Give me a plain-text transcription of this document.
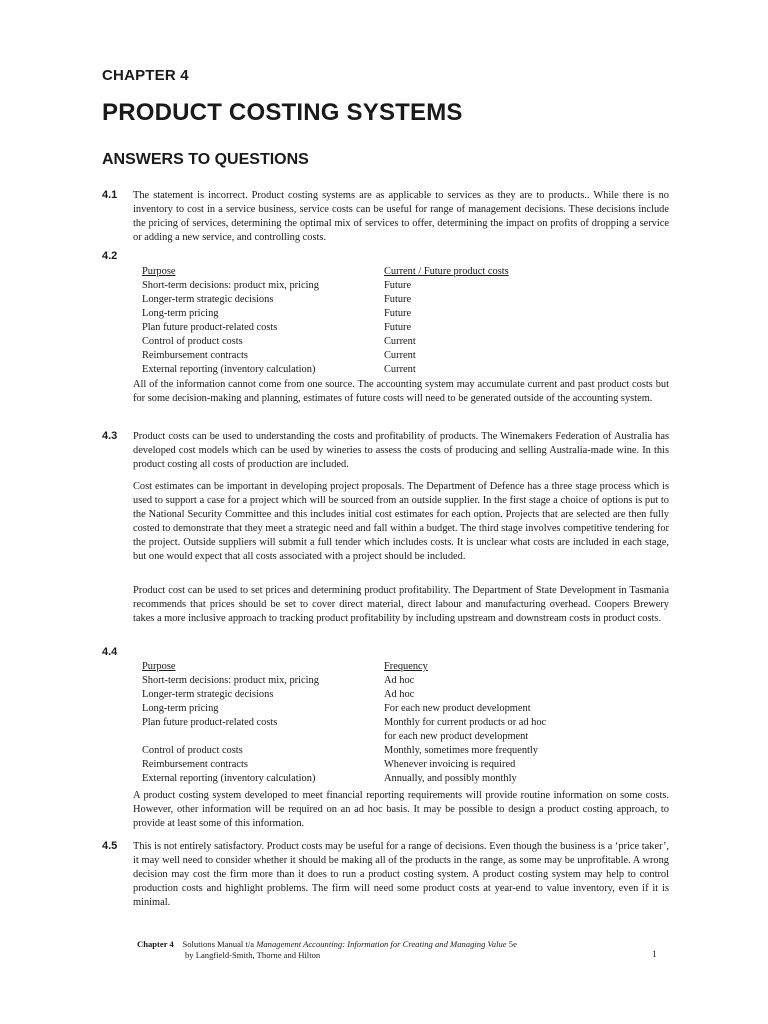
CHAPTER 4
PRODUCT COSTING SYSTEMS
ANSWERS TO QUESTIONS
4.1 The statement is incorrect. Product costing systems are as applicable to services as they are to products.. While there is no inventory to cost in a service business, service costs can be useful for range of management decisions. These decisions include the pricing of services, determining the optimal mix of services to offer, determining the impact on profits of dropping a service or adding a new service, and controlling costs.

4.2
Purpose	Current / Future product costs
Short-term decisions: product mix, pricing	Future
Longer-term strategic decisions	Future
Long-term pricing	Future
Plan future product-related costs	Future
Control of product costs	Current
Reimbursement contracts	Current
External reporting (inventory calculation)	Current

All of the information cannot come from one source. The accounting system may accumulate current and past product costs but for some decision-making and planning, estimates of future costs will need to be generated outside of the accounting system.

4.3 Product costs can be used to understanding the costs and profitability of products. The Winemakers Federation of Australia has developed cost models which can be used by wineries to assess the costs of producing and selling Australia-made wine. In this product costing all costs of production are included.

Cost estimates can be important in developing project proposals. The Department of Defence has a three stage process which is used to support a case for a project which will be sourced from an outside supplier. In the first stage a choice of options is put to the National Security Committee and this includes initial cost estimates for each option. Projects that are selected are then fully costed to demonstrate that they meet a strategic need and fall within a budget. The third stage involves competitive tendering for the project. Outside suppliers will submit a full tender which includes costs. It is unclear what costs are included in each stage, but one would expect that all costs associated with a project should be included.

Product cost can be used to set prices and determining product profitability. The Department of State Development in Tasmania recommends that prices should be set to cover direct material, direct labour and manufacturing overhead. Coopers Brewery takes a more inclusive approach to tracking product profitability by including upstream and downstream costs in product costs.

4.4
Purpose	Frequency
Short-term decisions: product mix, pricing	Ad hoc
Longer-term strategic decisions	Ad hoc
Long-term pricing	For each new product development
Plan future product-related costs	Monthly for current products or ad hoc
for each new product development
Control of product costs	Monthly, sometimes more frequently
Reimbursement contracts	Whenever invoicing is required
External reporting (inventory calculation)	Annually, and possibly monthly

A product costing system developed to meet financial reporting requirements will provide routine information on some costs. However, other information will be required on an ad hoc basis. It may be possible to design a product costing approach, to provide at least some of this information.

4.5 This is not entirely satisfactory. Product costs may be useful for a range of decisions. Even though the business is a ‘price taker’, it may well need to consider whether it should be making all of the products in the range, as some may be unprofitable. A wrong decision may cost the firm more than it does to run a product costing system. A product costing system may help to control production costs and highlight problems. The firm will need some product costs at year-end to value inventory, even if it is minimal.

Chapter 4 Solutions Manual t/a Management Accounting: Information for Creating and Managing Value 5e
by Langfield-Smith, Thorne and Hilton	1
